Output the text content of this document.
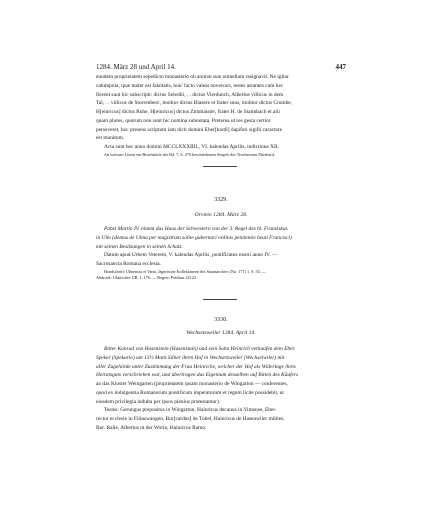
1284. März 28 und April 14.	447

eundem proprietatem sepedicto monasterio ob animæ suæ remedium resignavit. Ne igitur

calumpnia, quæ mater est falsitatis, huic facto valeat novercari, testes astantes cum hec

fierent sunt hic subscripti: dictus Seledili, . . dictus Vierdunch, Albertus villicus in dem

Tal, . . villicus de Storrenberc, molitor dictus Blasere et frater suus, molitor dictus Crumbe,

H[einricus] dictus Ruhe, H[einricus] dictus Zimmaister, frater H. de Staimbach et alii

quam plures, quorum non sunt hic nomina subnotata. Preterea ut res gesta certior

perseveret, hoc presens scriptum iam dicti domini Eber[hardi] dapiferi sigilli caractere

est munitum.

Acta sunt hec anno domini MCCLXXXIIII., VI. kalendas Aprilis, indictione XII.

An weissen Litzen ein Bruchstück des Bd. 7, S. 279 beschriebenen Siegels des Truchsessen Eberhard.

3329.
Orvieto 1284. März 28.

Pabst Martin IV. nimmt das Haus der Schwestern von der 3. Regel des hl. Franziskus

in Ulm (domus de Ulma per magistrum solite gubernari ordinis penitentie beati Francisci)

mit seinen Besitzungen in seinen Schutz.

Datum apud Urbem Veterem, V. kalendas Aprilis, pontificatus nostri anno IV. —

Sacrosancta Romana ecclesia.

Handschrift: Ulmensia et Varia, Jägerische Kollektaneen des Staatsarchivs (No. 177) 1, S. 33. —

Abdruck: Ulmisches UB. 1, 176. — Regest: Potthast 22122.

3330.
Wechsetzweiler 1284. April 14.

Bitter Konrad von Hasenstein (Hasenstain) und sein Sohn Heinrich verkaufen dem Eber.

Speker (Spekario) um 13½ Mark Silber ihren Hof in Wechsetzweiler (Wechselwiler) mit

aller Zugehörde unter Zustimmung der Frau Heinriche, welcher der Hof als Widerlage ihres

Heiratsguts verschrieben war, und übertragen das Eigentum desselben auf Bitten des Käufers

an das Kloster Weingarten (proprietatem ipsam monasterio de Wingarton — conferentes,

quod ex indulgentia Romanorum pontificum imperatorum et regum licite possidebit, ut

eiusdem privilegia indulta per ipsos plenius protestantur).

Testes: Gerungus prepositus in Wingarton, Hainricus decanus in Yimense, Eber.

rector ecclesie in Filinswangen, Bur[cardus] de Tobel, Hainricus de Hasenwiler milites,

Bur. Ralle, Albertus ut der Worin, Hainricus Ramo.
